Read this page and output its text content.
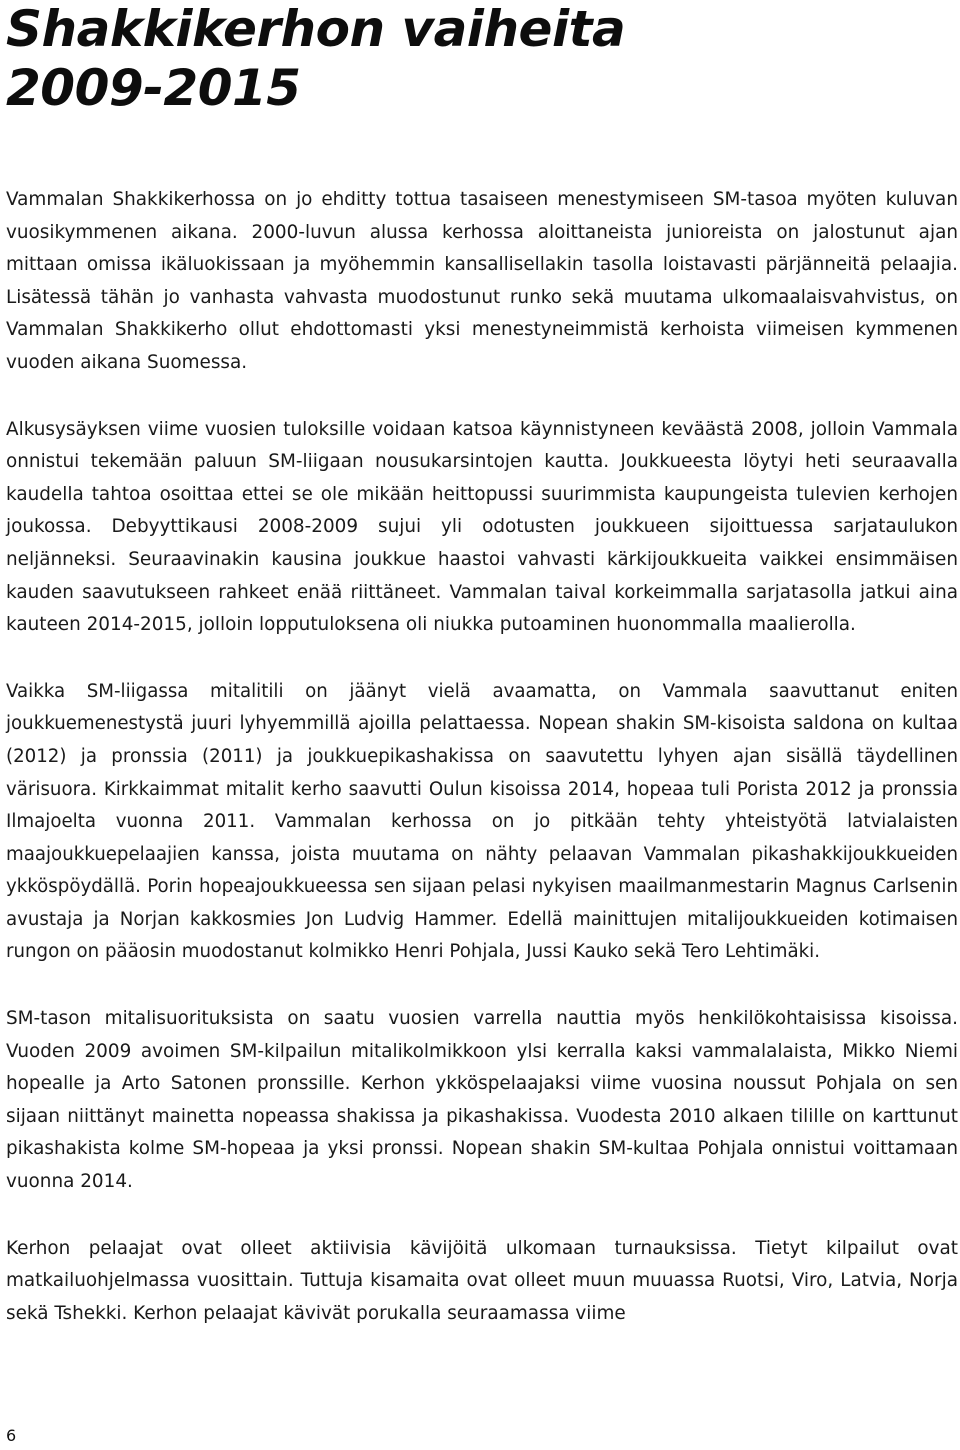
Shakkikerhon vaiheita
2009-2015

Vammalan Shakkikerhossa on jo ehditty tottua tasaiseen menestymiseen SM-tasoa myöten kuluvan vuosikymmenen aikana. 2000-luvun alussa kerhossa aloittaneista junioreista on jalostunut ajan mittaan omissa ikäluokissaan ja myöhemmin kansallisellakin tasolla loistavasti pärjänneitä pelaajia. Lisätessä tähän jo vanhasta vahvasta muodostunut runko sekä muutama ulkomaalaisvahvistus, on Vammalan Shakkikerho ollut ehdottomasti yksi menestyneimmistä kerhoista viimeisen kymmenen vuoden aikana Suomessa.

Alkusysäyksen viime vuosien tuloksille voidaan katsoa käynnistyneen keväästä 2008, jolloin Vammala onnistui tekemään paluun SM-liigaan nousukarsintojen kautta. Joukkueesta löytyi heti seuraavalla kaudella tahtoa osoittaa ettei se ole mikään heittopussi suurimmista kaupungeista tulevien kerhojen joukossa. Debyyttikausi 2008-2009 sujui yli odotusten joukkueen sijoittuessa sarjataulukon neljänneksi. Seuraavinakin kausina joukkue haastoi vahvasti kärkijoukkueita vaikkei ensimmäisen kauden saavutukseen rahkeet enää riittäneet. Vammalan taival korkeimmalla sarjatasolla jatkui aina kauteen 2014-2015, jolloin lopputuloksena oli niukka putoaminen huonommalla maalierolla.

Vaikka SM-liigassa mitalitili on jäänyt vielä avaamatta, on Vammala saavuttanut eniten joukkuemenestystä juuri lyhyemmillä ajoilla pelattaessa. Nopean shakin SM-kisoista saldona on kultaa (2012) ja pronssia (2011) ja joukkuepikashakissa on saavutettu lyhyen ajan sisällä täydellinen värisuora. Kirkkaimmat mitalit kerho saavutti Oulun kisoissa 2014, hopeaa tuli Porista 2012 ja pronssia Ilmajoelta vuonna 2011. Vammalan kerhossa on jo pitkään tehty yhteistyötä latvialaisten maajoukkuepelaajien kanssa, joista muutama on nähty pelaavan Vammalan pikashakkijoukkueiden ykköspöydällä. Porin hopeajoukkueessa sen sijaan pelasi nykyisen maailmanmestarin Magnus Carlsenin avustaja ja Norjan kakkosmies Jon Ludvig Hammer. Edellä mainittujen mitalijoukkueiden kotimaisen rungon on pääosin muodostanut kolmikko Henri Pohjala, Jussi Kauko sekä Tero Lehtimäki.

SM-tason mitalisuorituksista on saatu vuosien varrella nauttia myös henkilökohtaisissa kisoissa. Vuoden 2009 avoimen SM-kilpailun mitalikolmikkoon ylsi kerralla kaksi vammalalaista, Mikko Niemi hopealle ja Arto Satonen pronssille. Kerhon ykköspelaajaksi viime vuosina noussut Pohjala on sen sijaan niittänyt mainetta nopeassa shakissa ja pikashakissa. Vuodesta 2010 alkaen tilille on karttunut pikashakista kolme SM-hopeaa ja yksi pronssi. Nopean shakin SM-kultaa Pohjala onnistui voittamaan vuonna 2014.

Kerhon pelaajat ovat olleet aktiivisia kävijöitä ulkomaan turnauksissa. Tietyt kilpailut ovat matkailuohjelmassa vuosittain. Tuttuja kisamaita ovat olleet muun muuassa Ruotsi, Viro, Latvia, Norja sekä Tshekki. Kerhon pelaajat kävivät porukalla seuraamassa viime

6
